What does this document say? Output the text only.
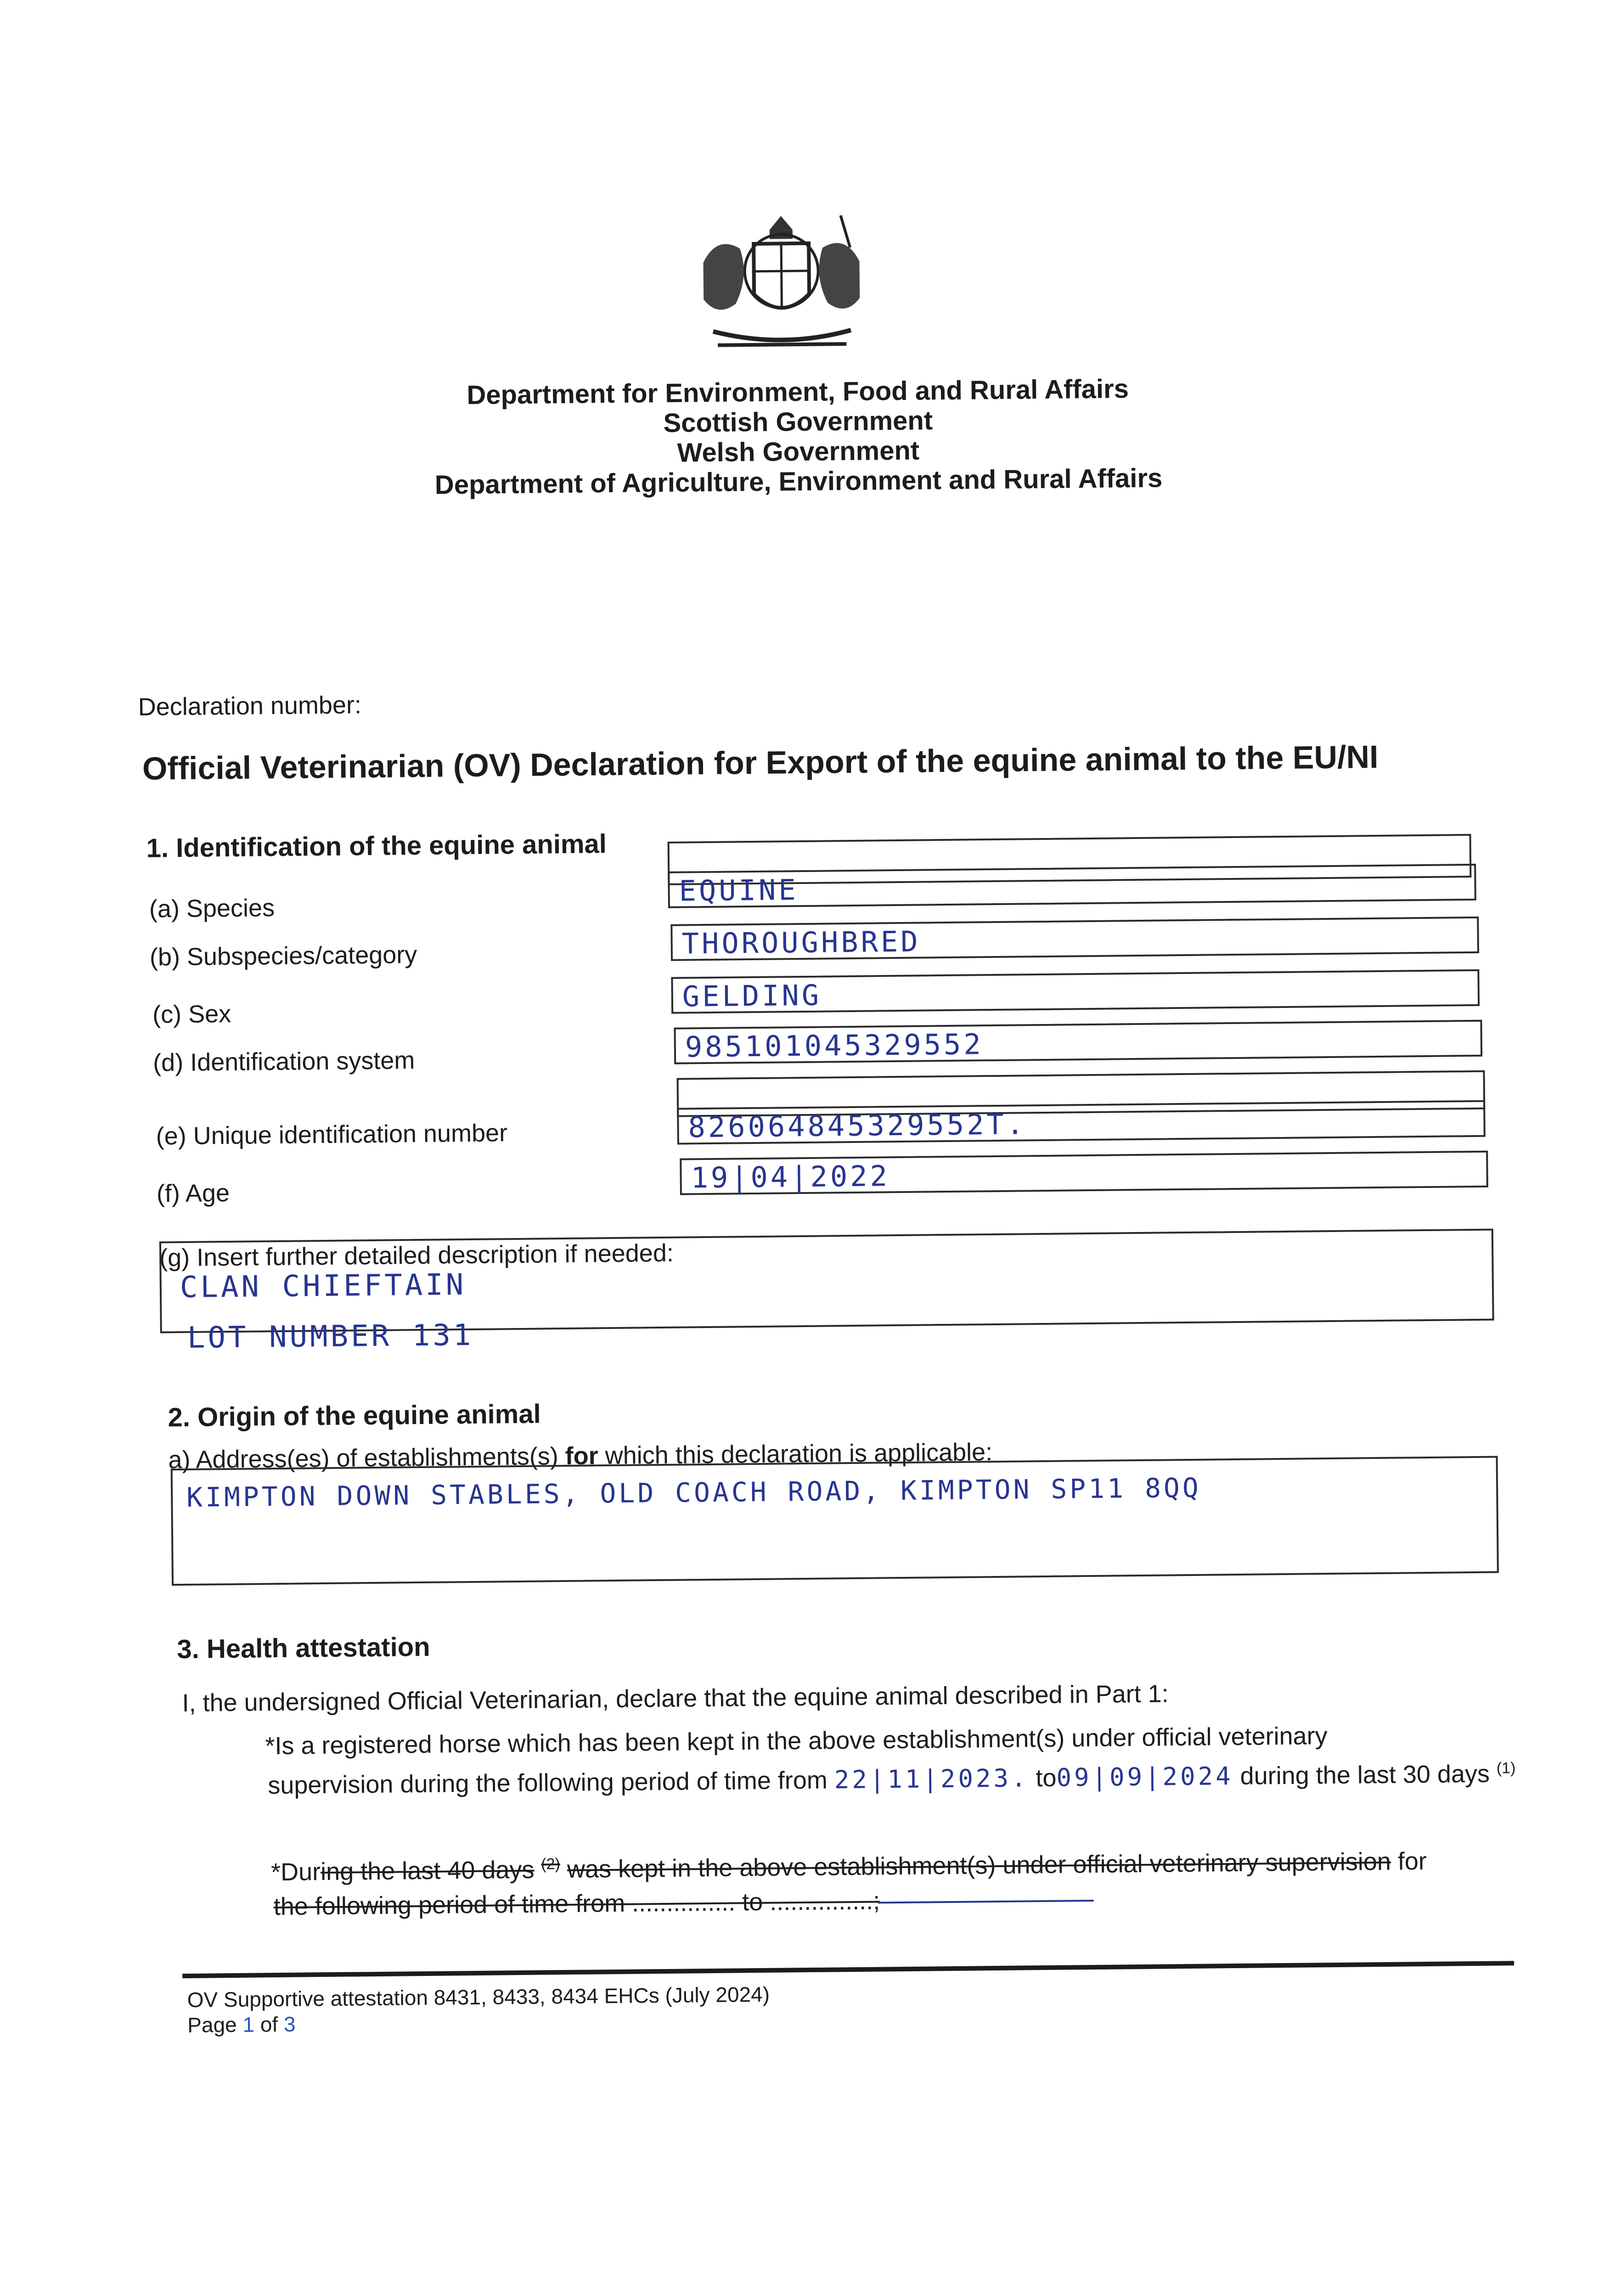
Department for Environment, Food and Rural Affairs
Scottish Government
Welsh Government
Department of Agriculture, Environment and Rural Affairs
Declaration number:
Official Veterinarian (OV) Declaration for Export of the equine animal to the EU/NI
1. Identification of the equine animal
(a) Species
(b) Subspecies/category
(c) Sex
(d) Identification system
(e) Unique identification number
(f) Age
EQUINE
THOROUGHBRED
GELDING
985101045329552
826064845329552T.
19|04|2022
(g) Insert further detailed description if needed:
CLAN CHIEFTAIN
LOT NUMBER 131
2. Origin of the equine animal
a) Address(es) of establishments(s) for which this declaration is applicable:
KIMPTON DOWN STABLES, OLD COACH ROAD, KIMPTON SP11 8QQ
3. Health attestation
I, the undersigned Official Veterinarian, declare that the equine animal described in Part 1:
*Is a registered horse which has been kept in the above establishment(s) under official veterinary
supervision during the following period of time from 22|11|2023. to09|09|2024 during the last 30 days $^{(1)}$
*During the last 40 days $^{(2)}$ was kept in the above establishment(s) under official veterinary supervision for
the following period of time from ............... to ...............;
OV Supportive attestation 8431, 8433, 8434 EHCs (July 2024)
Page 1 of 3
